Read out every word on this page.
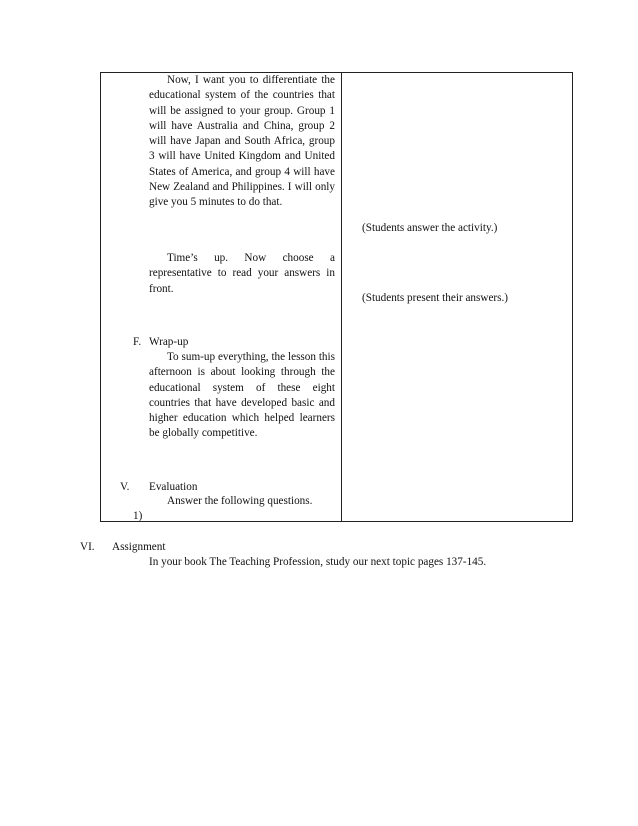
Now, I want you to differentiate the educational system of the countries that will be assigned to your group. Group 1 will have Australia and China, group 2 will have Japan and South Africa, group 3 will have United Kingdom and United States of America, and group 4 will have New Zealand and Philippines. I will only give you 5 minutes to do that.
Time’s up. Now choose a representative to read your answers in front.
F. Wrap-up
To sum-up everything, the lesson this afternoon is about looking through the educational system of these eight countries that have developed basic and higher education which helped learners be globally competitive.
V. Evaluation
Answer the following questions.
1)
(Students answer the activity.)
(Students present their answers.)
VI. Assignment
In your book The Teaching Profession, study our next topic pages 137-145.
